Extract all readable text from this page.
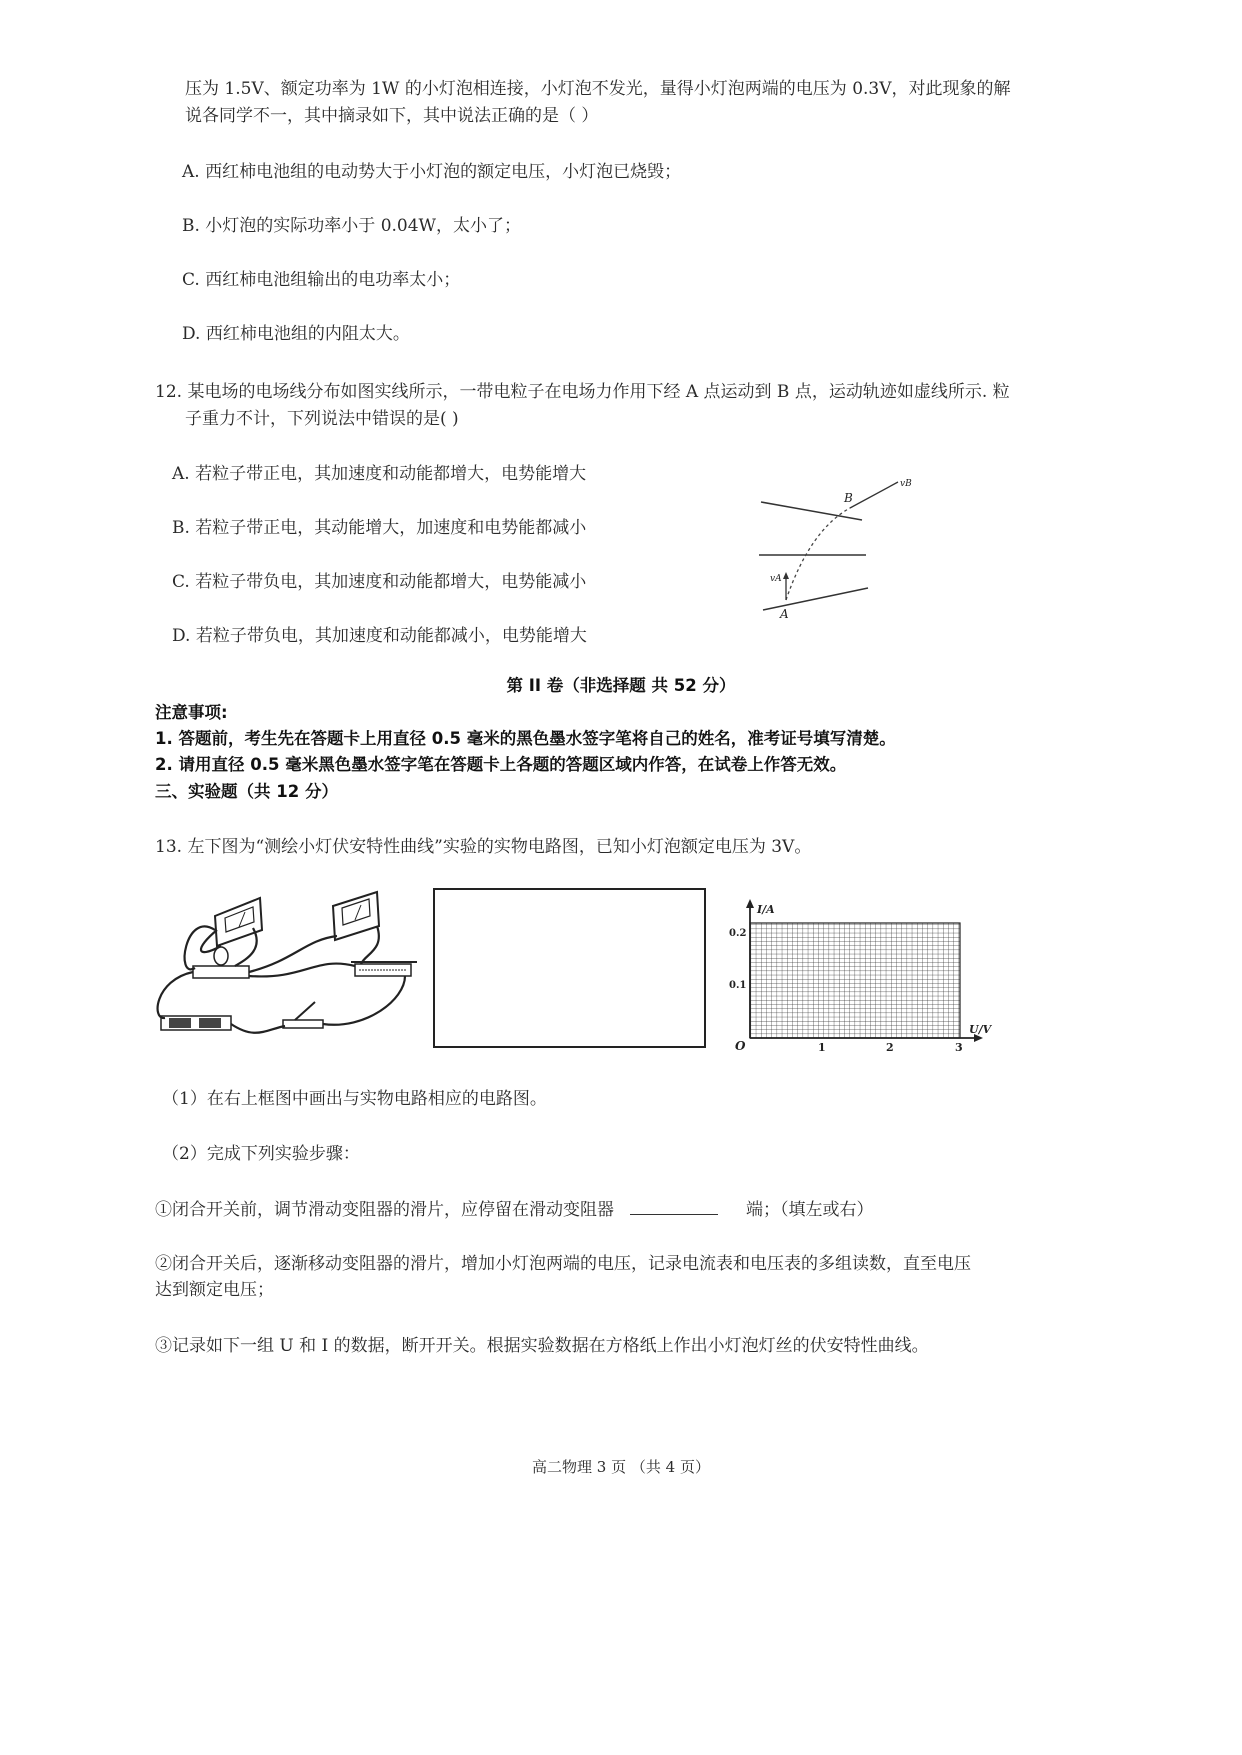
压为 1.5V、额定功率为 1W 的小灯泡相连接，小灯泡不发光，量得小灯泡两端的电压为 0.3V，对此现象的解
说各同学不一，其中摘录如下，其中说法正确的是（ ）
A. 西红柿电池组的电动势大于小灯泡的额定电压，小灯泡已烧毁；
B. 小灯泡的实际功率小于 0.04W，太小了；
C. 西红柿电池组输出的电功率太小；
D. 西红柿电池组的内阻太大。
12. 某电场的电场线分布如图实线所示，一带电粒子在电场力作用下经 A 点运动到 B 点，运动轨迹如虚线所示. 粒
子重力不计，下列说法中错误的是( )
A. 若粒子带正电，其加速度和动能都增大，电势能增大
B. 若粒子带正电，其动能增大，加速度和电势能都减小
C. 若粒子带负电，其加速度和动能都增大，电势能减小
D. 若粒子带负电，其加速度和动能都减小，电势能增大
B
vB
vA
A
第 II 卷（非选择题 共 52 分）
注意事项:
1. 答题前，考生先在答题卡上用直径 0.5 毫米的黑色墨水签字笔将自己的姓名，准考证号填写清楚。
2. 请用直径 0.5 毫米黑色墨水签字笔在答题卡上各题的答题区域内作答，在试卷上作答无效。
三、实验题（共 12 分）
13. 左下图为“测绘小灯伏安特性曲线”实验的实物电路图，已知小灯泡额定电压为 3V。
I/A
U/V
O
0.2
0.1
1	2	3
（1）在右上框图中画出与实物电路相应的电路图。
（2）完成下列实验步骤：
①闭合开关前，调节滑动变阻器的滑片，应停留在滑动变阻器	端；（填左或右）
②闭合开关后，逐渐移动变阻器的滑片，增加小灯泡两端的电压，记录电流表和电压表的多组读数，直至电压
达到额定电压；
③记录如下一组 U 和 I 的数据，断开开关。根据实验数据在方格纸上作出小灯泡灯丝的伏安特性曲线。
高二物理 3 页 （共 4 页）
